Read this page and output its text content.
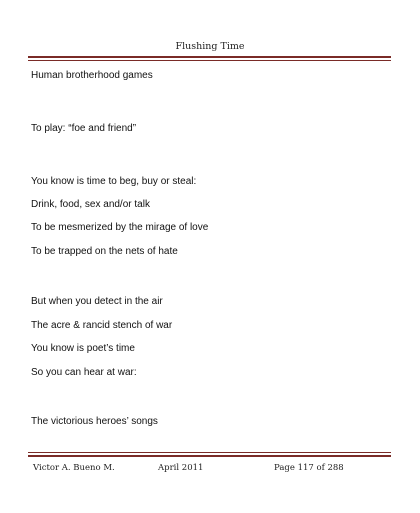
Flushing Time
Human brotherhood games
To play: “foe and friend”
You know is time to beg, buy or steal:
Drink, food, sex and/or talk
To be mesmerized by the mirage of love
To be trapped on the nets of hate
But when you detect in the air
The acre & rancid stench of war
You know is poet’s time
So you can hear at war:
The victorious heroes’ songs
Victor A. Bueno M.	April 2011	Page 117 of 288
